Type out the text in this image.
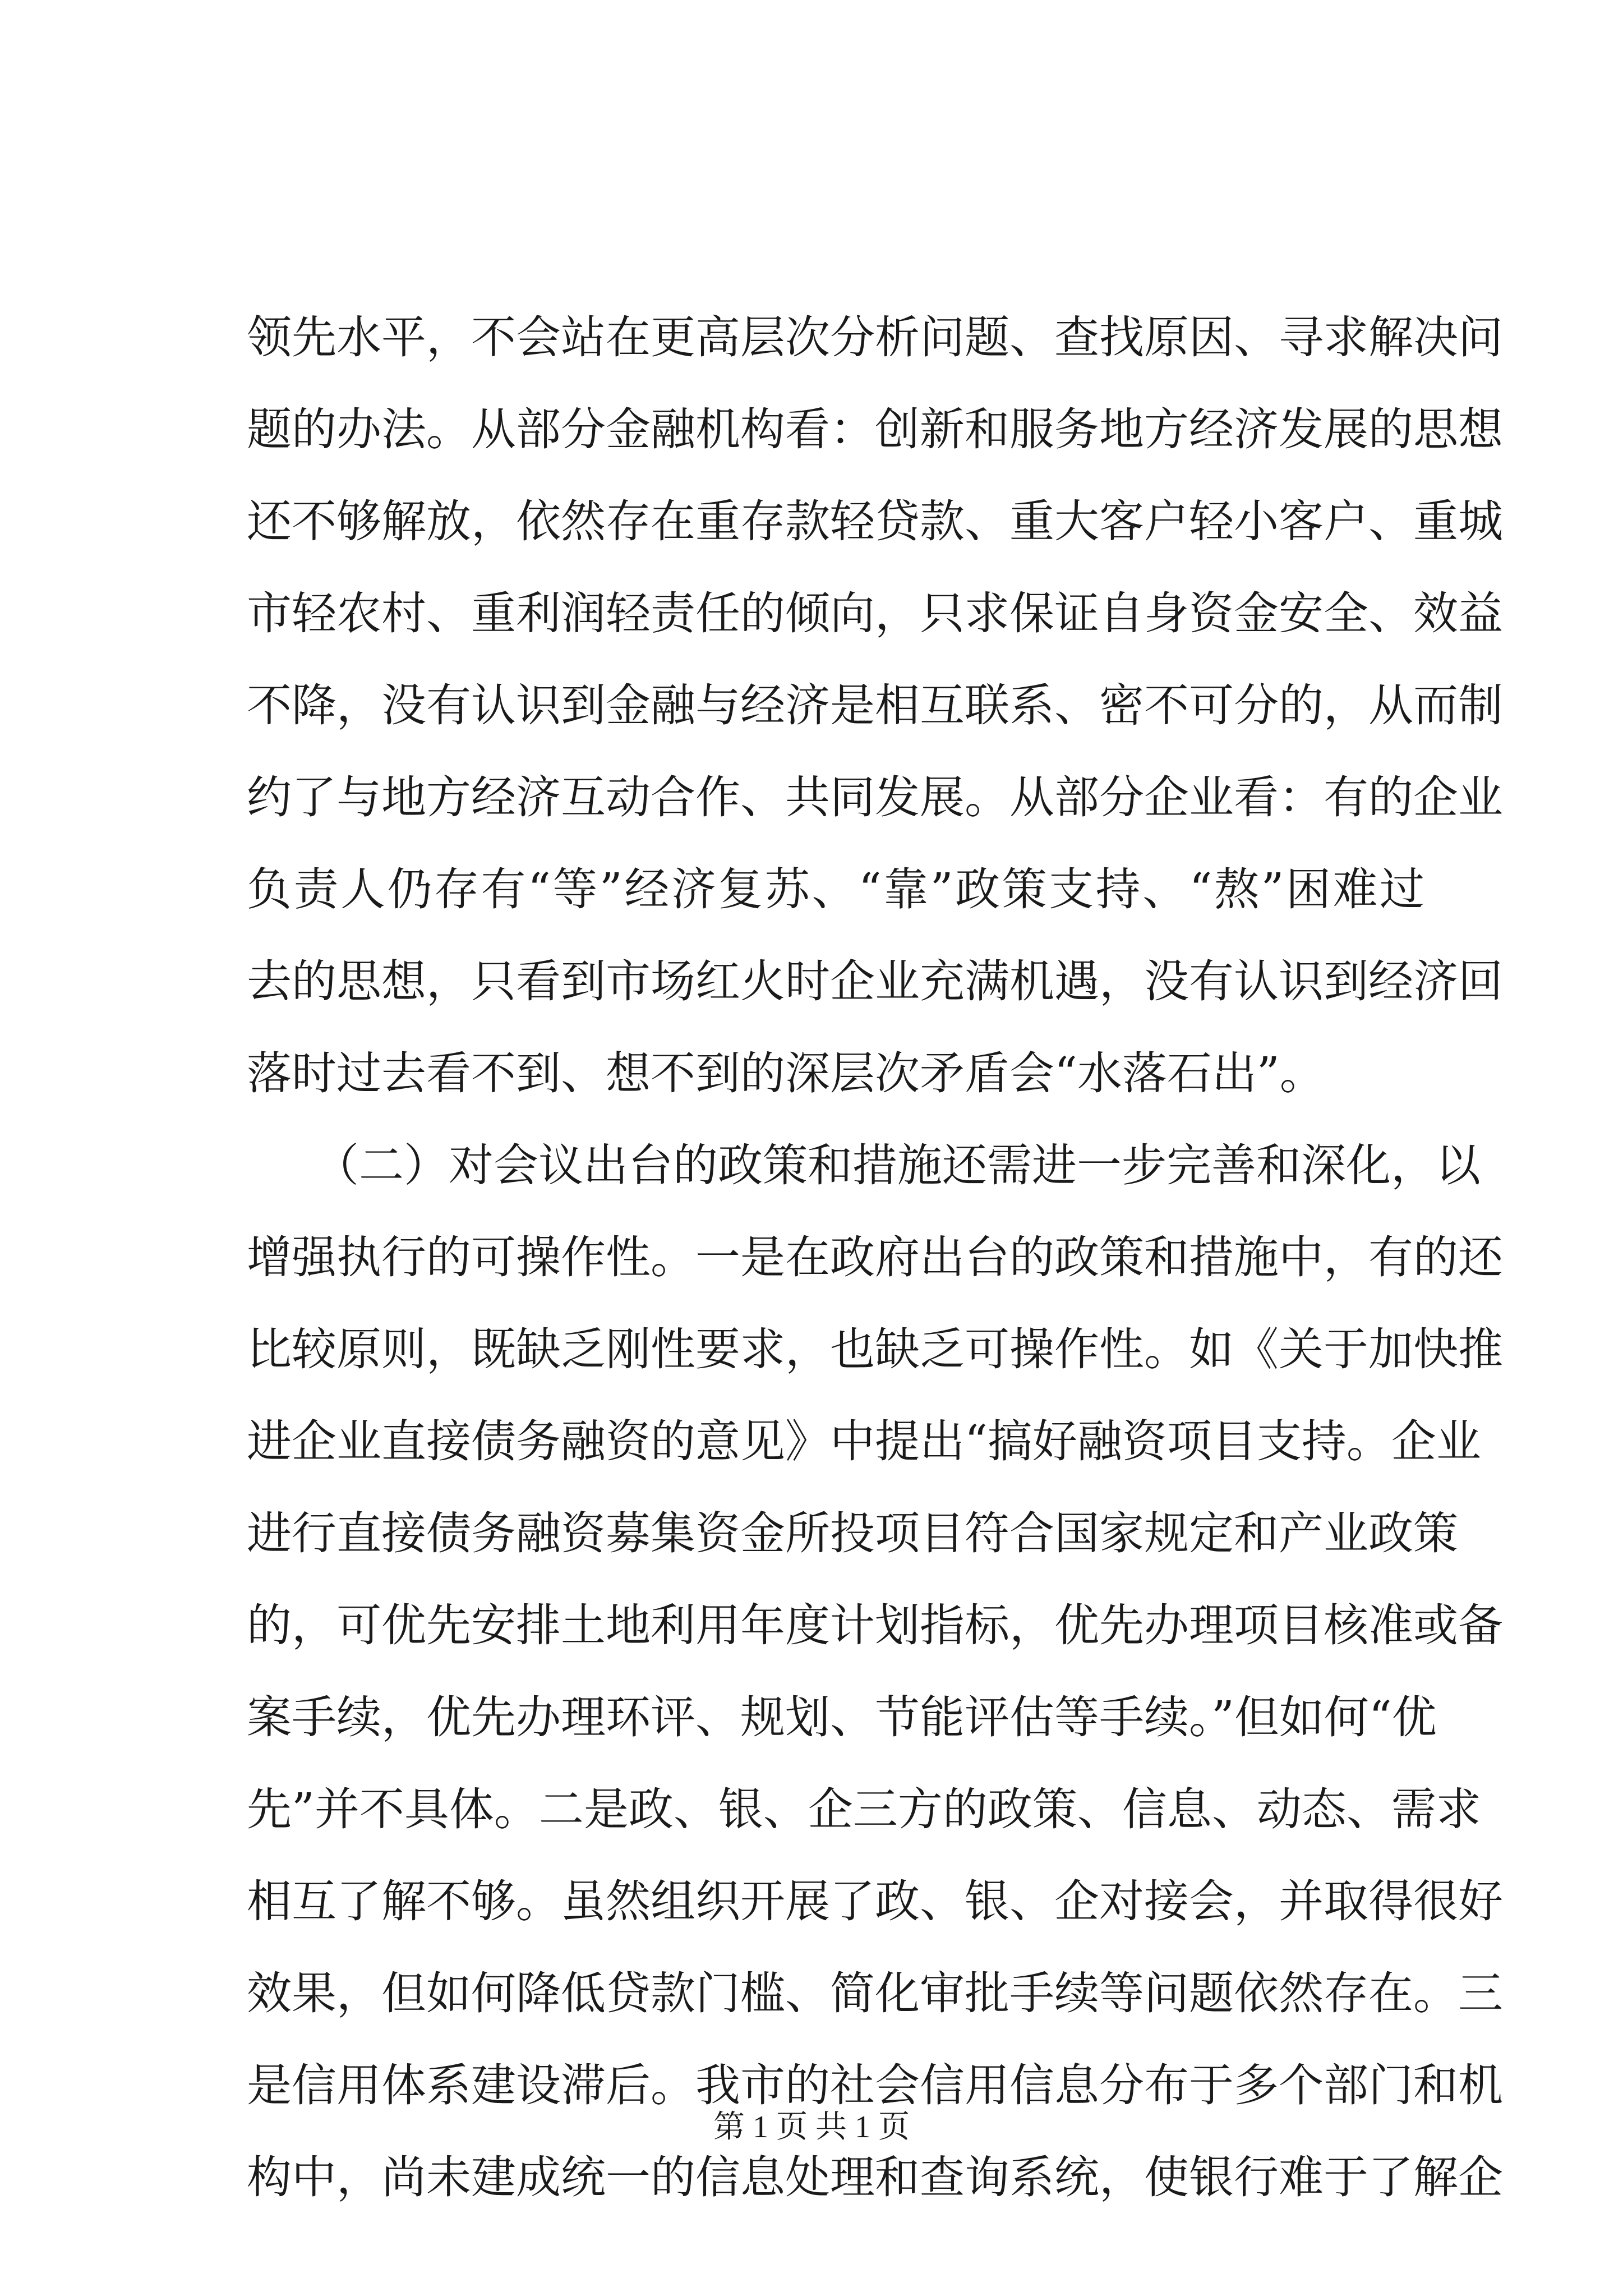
领先水平，不会站在更高层次分析问题、查找原因、寻求解决问
题的办法。从部分金融机构看：创新和服务地方经济发展的思想
还不够解放，依然存在重存款轻贷款、重大客户轻小客户、重城
市轻农村、重利润轻责任的倾向，只求保证自身资金安全、效益
不降，没有认识到金融与经济是相互联系、密不可分的，从而制
约了与地方经济互动合作、共同发展。从部分企业看：有的企业
负责人仍存有“等”经济复苏、“靠”政策支持、“熬”困难过
去的思想，只看到市场红火时企业充满机遇，没有认识到经济回
落时过去看不到、想不到的深层次矛盾会“水落石出”。
　　（二）对会议出台的政策和措施还需进一步完善和深化，以
增强执行的可操作性。一是在政府出台的政策和措施中，有的还
比较原则，既缺乏刚性要求，也缺乏可操作性。如《关于加快推
进企业直接债务融资的意见》中提出“搞好融资项目支持。企业
进行直接债务融资募集资金所投项目符合国家规定和产业政策
的，可优先安排土地利用年度计划指标，优先办理项目核准或备
案手续，优先办理环评、规划、节能评估等手续。”但如何“优
先”并不具体。二是政、银、企三方的政策、信息、动态、需求
相互了解不够。虽然组织开展了政、银、企对接会，并取得很好
效果，但如何降低贷款门槛、简化审批手续等问题依然存在。三
是信用体系建设滞后。我市的社会信用信息分布于多个部门和机
构中，尚未建成统一的信息处理和查询系统，使银行难于了解企
第 1 页 共 1 页
